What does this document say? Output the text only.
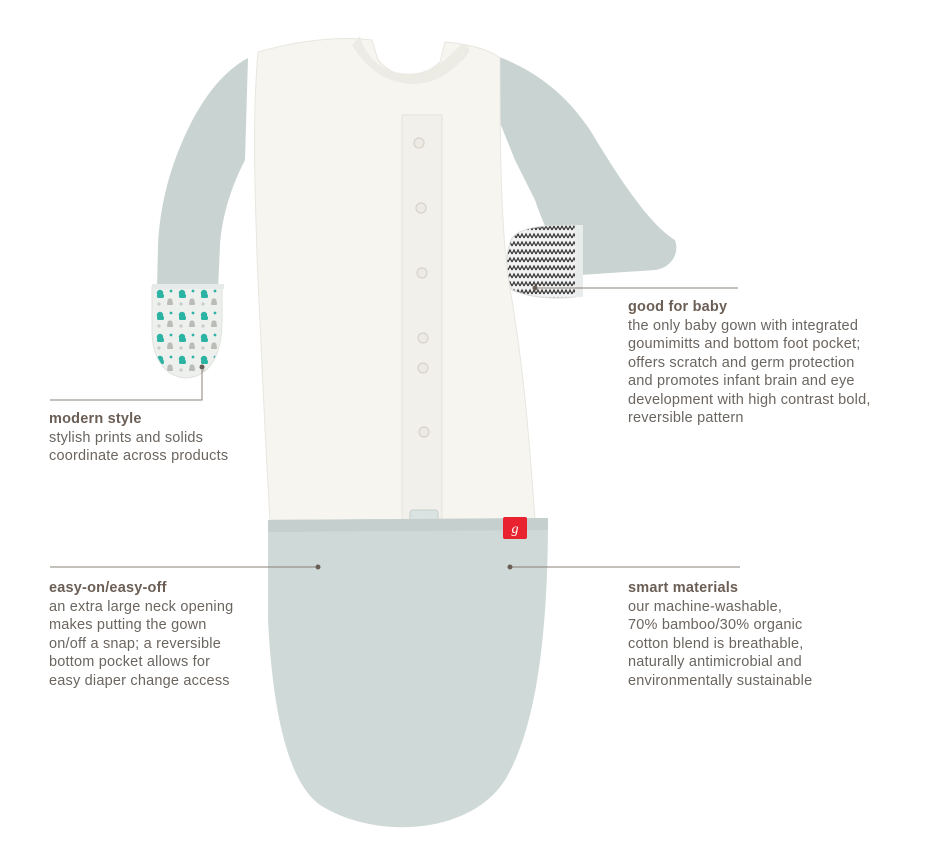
g
modern style
stylish prints and solids
coordinate across products
easy-on/easy-off
an extra large neck opening
makes putting the gown
on/off a snap; a reversible
bottom pocket allows for
easy diaper change access
good for baby
the only baby gown with integrated
goumimitts and bottom foot pocket;
offers scratch and germ protection
and promotes infant brain and eye
development with high contrast bold,
reversible pattern
smart materials
our machine-washable,
70% bamboo/30% organic
cotton blend is breathable,
naturally antimicrobial and
environmentally sustainable
